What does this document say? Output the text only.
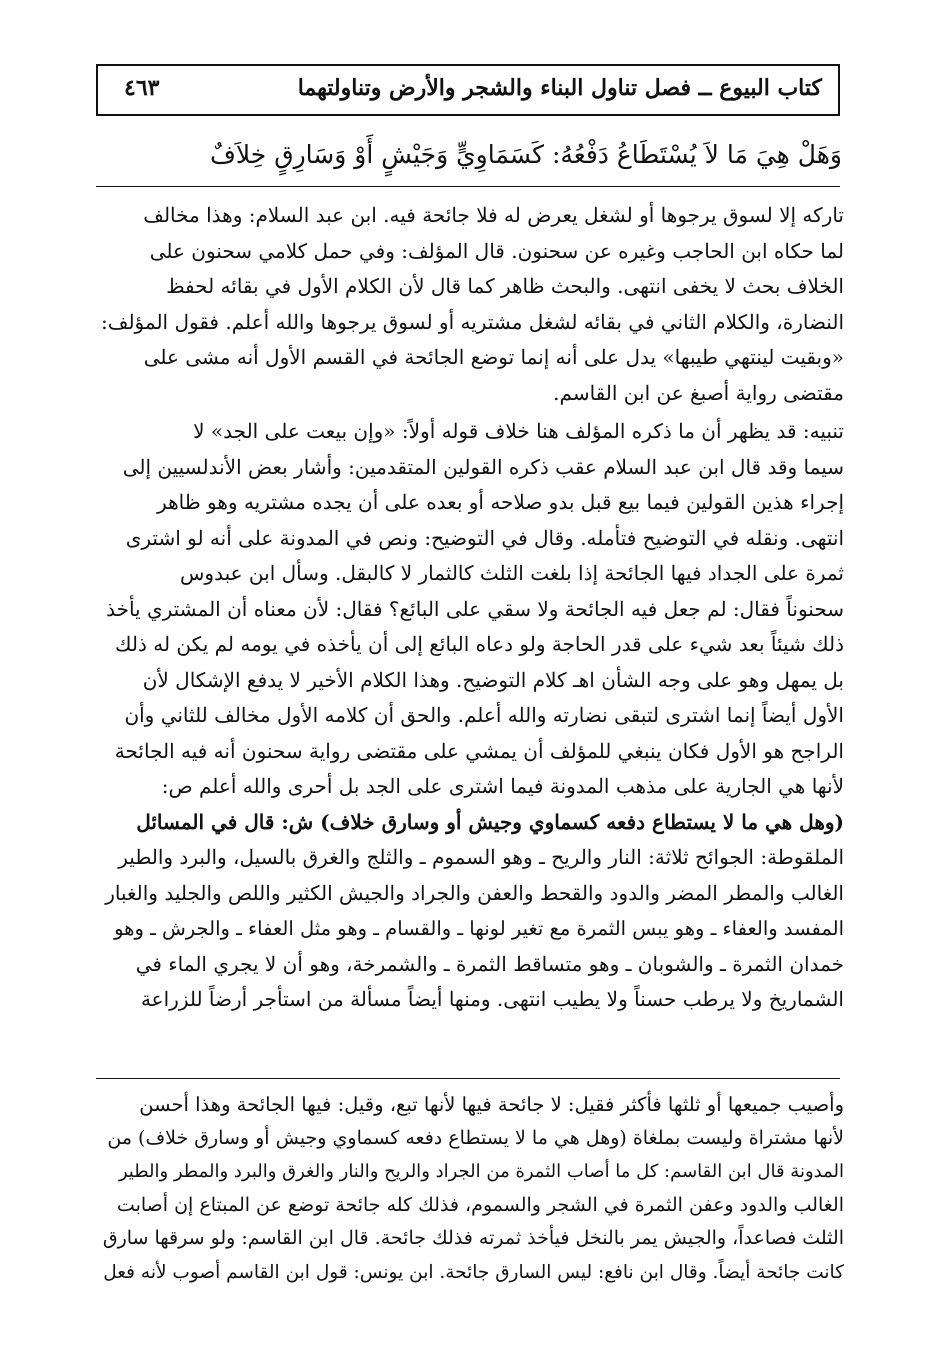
كتاب البيوع ــ فصل تناول البناء والشجر والأرض وتناولتهما
٤٦٣
وَهَلْ هِيَ مَا لاَ يُسْتَطَاعُ دَفْعُهُ: كَسَمَاوِيٍّ وَجَيْشٍ أَوْ وَسَارِقٍ خِلاَفٌ
تاركه إلا لسوق يرجوها أو لشغل يعرض له فلا جائحة فيه. ابن عبد السلام: وهذا مخالف
لما حكاه ابن الحاجب وغيره عن سحنون. قال المؤلف: وفي حمل كلامي سحنون على
الخلاف بحث لا يخفى انتهى. والبحث ظاهر كما قال لأن الكلام الأول في بقائه لحفظ
النضارة، والكلام الثاني في بقائه لشغل مشتريه أو لسوق يرجوها والله أعلم. فقول المؤلف:
«وبقيت لينتهي طيبها» يدل على أنه إنما توضع الجائحة في القسم الأول أنه مشى على
مقتضى رواية أصبغ عن ابن القاسم.
تنبيه: قد يظهر أن ما ذكره المؤلف هنا خلاف قوله أولاً: «وإن بيعت على الجد» لا
سيما وقد قال ابن عبد السلام عقب ذكره القولين المتقدمين: وأشار بعض الأندلسيين إلى
إجراء هذين القولين فيما بيع قبل بدو صلاحه أو بعده على أن يجده مشتريه وهو ظاهر
انتهى. ونقله في التوضيح فتأمله. وقال في التوضيح: ونص في المدونة على أنه لو اشترى
ثمرة على الجداد فيها الجائحة إذا بلغت الثلث كالثمار لا كالبقل. وسأل ابن عبدوس
سحنوناً فقال: لم جعل فيه الجائحة ولا سقي على البائع؟ فقال: لأن معناه أن المشتري يأخذ
ذلك شيئاً بعد شيء على قدر الحاجة ولو دعاه البائع إلى أن يأخذه في يومه لم يكن له ذلك
بل يمهل وهو على وجه الشأن اهـ كلام التوضيح. وهذا الكلام الأخير لا يدفع الإشكال لأن
الأول أيضاً إنما اشترى لتبقى نضارته والله أعلم. والحق أن كلامه الأول مخالف للثاني وأن
الراجح هو الأول فكان ينبغي للمؤلف أن يمشي على مقتضى رواية سحنون أنه فيه الجائحة
لأنها هي الجارية على مذهب المدونة فيما اشترى على الجد بل أحرى والله أعلم ص:
(وهل هي ما لا يستطاع دفعه كسماوي وجيش أو وسارق خلاف) ش: قال في المسائل
الملقوطة: الجوائح ثلاثة: النار والريح ـ وهو السموم ـ والثلج والغرق بالسيل، والبرد والطير
الغالب والمطر المضر والدود والقحط والعفن والجراد والجيش الكثير واللص والجليد والغبار
المفسد والعفاء ـ وهو يبس الثمرة مع تغير لونها ـ والقسام ـ وهو مثل العفاء ـ والجرش ـ وهو
خمدان الثمرة ـ والشوبان ـ وهو متساقط الثمرة ـ والشمرخة، وهو أن لا يجري الماء في
الشماريخ ولا يرطب حسناً ولا يطيب انتهى. ومنها أيضاً مسألة من استأجر أرضاً للزراعة
وأصيب جميعها أو ثلثها فأكثر فقيل: لا جائحة فيها لأنها تبع، وقيل: فيها الجائحة وهذا أحسن
لأنها مشتراة وليست بملغاة (وهل هي ما لا يستطاع دفعه كسماوي وجيش أو وسارق خلاف) من
المدونة قال ابن القاسم: كل ما أصاب الثمرة من الجراد والريح والنار والغرق والبرد والمطر والطير
الغالب والدود وعفن الثمرة في الشجر والسموم، فذلك كله جائحة توضع عن المبتاع إن أصابت
الثلث فصاعداً، والجيش يمر بالنخل فيأخذ ثمرته فذلك جائحة. قال ابن القاسم: ولو سرقها سارق
كانت جائحة أيضاً. وقال ابن نافع: ليس السارق جائحة. ابن يونس: قول ابن القاسم أصوب لأنه فعل
